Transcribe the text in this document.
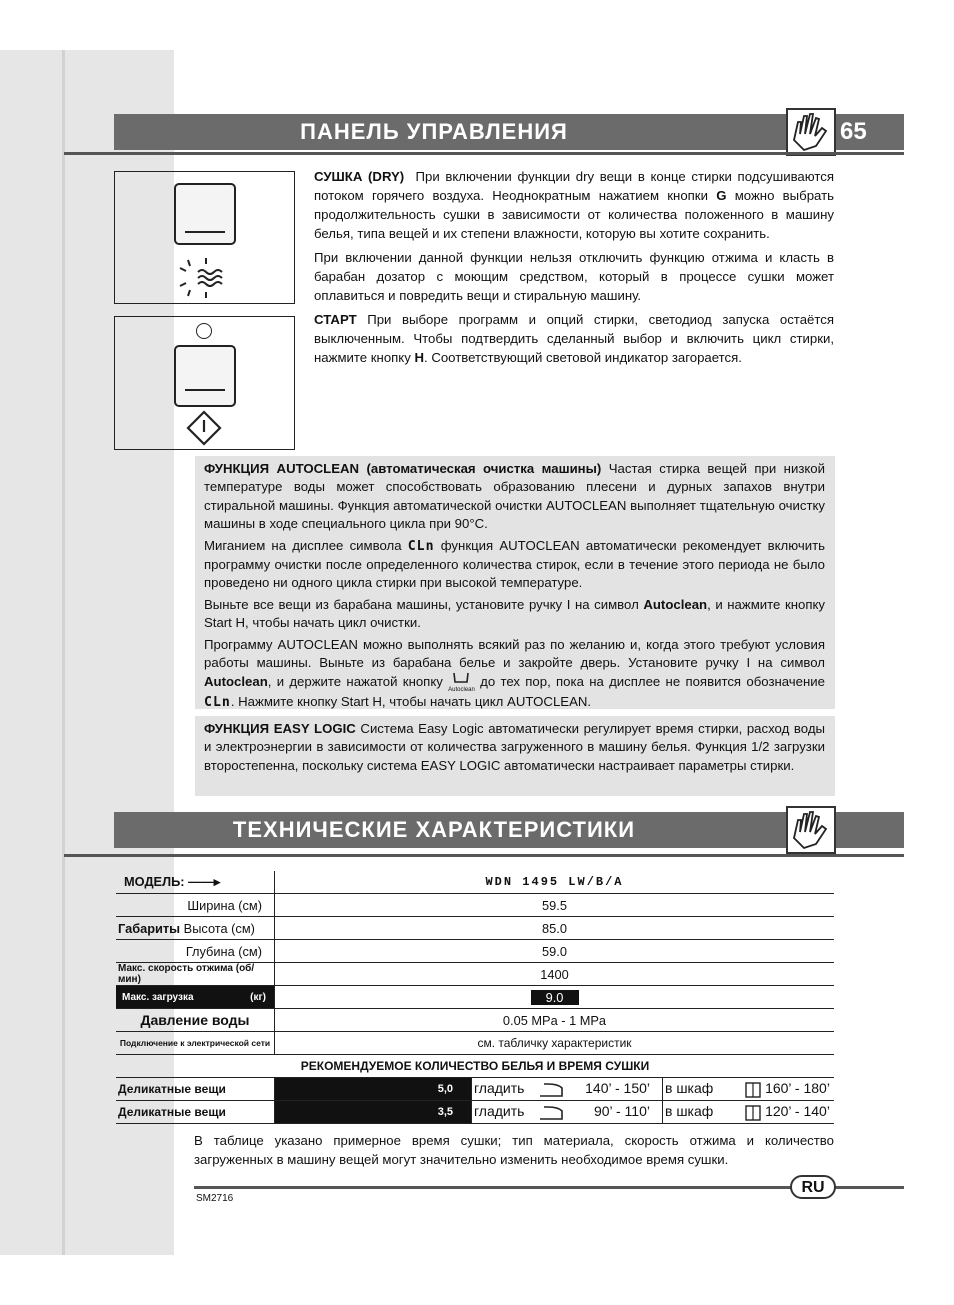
ПАНЕЛЬ УПРАВЛЕНИЯ	65

СУШКА (DRY) При включении функции dry вещи в конце стирки подсушиваются потоком горячего воздуха. Неоднократным нажатием кнопки G можно выбрать продолжительность сушки в зависимости от количества положенного в машину белья, типа вещей и их степени влажности, которую вы хотите сохранить.

При включении данной функции нельзя отключить функцию отжима и класть в барабан дозатор с моющим средством, который в процессе сушки может оплавиться и повредить вещи и стиральную машину.

СТАРТ При выборе программ и опций стирки, светодиод запуска остаётся выключенным. Чтобы подтвердить сделанный выбор и включить цикл стирки, нажмите кнопку H. Соответствующий световой индикатор загорается.

ФУНКЦИЯ AUTOCLEAN (автоматическая очистка машины) Частая стирка вещей при низкой температуре воды может способствовать образованию плесени и дурных запахов внутри стиральной машины. Функция автоматической очистки AUTOCLEAN выполняет тщательную очистку машины в ходе специального цикла при 90°C.

Миганием на дисплее символа CLn функция AUTOCLEAN автоматически рекомендует включить программу очистки после определенного количества стирок, если в течение этого периода не было проведено ни одного цикла стирки при высокой температуре.

Выньте все вещи из барабана машины, установите ручку I на символ Autoclean, и нажмите кнопку Start H, чтобы начать цикл очистки.

Программу AUTOCLEAN можно выполнять всякий раз по желанию и, когда этого требуют условия работы машины. Выньте из барабана белье и закройте дверь. Установите ручку I на символ Autoclean, и держите нажатой кнопку
Autoclean до тех пор, пока на дисплее не появится обозначение CLn. Нажмите кнопку Start H, чтобы начать цикл AUTOCLEAN.

ФУНКЦИЯ EASY LOGIC Система Easy Logic автоматически регулирует время стирки, расход воды и электроэнергии в зависимости от количества загруженного в машину белья. Функция 1/2 загрузки второстепенна, поскольку система EASY LOGIC автоматически настраивает параметры стирки.

ТЕХНИЧЕСКИЕ ХАРАКТЕРИСТИКИ
МОДЕЛЬ: ——▸	WDN 1495 LW/B/A		
Ширина (см)	59.5		
Габариты Высота (см)	85.0		
Глубина (см)	59.0		
Макс. скорость отжима (об/мин)	1400		
Макс. загрузка (кг)	9.0		
Давление воды	0.05 MPa - 1 MPa		
Подключение к электрической сети	см. табличку характеристик		
РЕКОМЕНДУЕМОЕ КОЛИЧЕСТВО БЕЛЬЯ И ВРЕМЯ СУШКИ			
Деликатные вещи	5,0	гладить 140’ - 150’	в шкаф 160’ - 180’
Деликатные вещи	3,5	гладить 90’ - 110’	в шкаф 120’ - 140’
В таблице указано примерное время сушки; тип материала, скорость отжима и количество загруженных в машину вещей могут значительно изменить необходимое время сушки.
RU
SM2716
